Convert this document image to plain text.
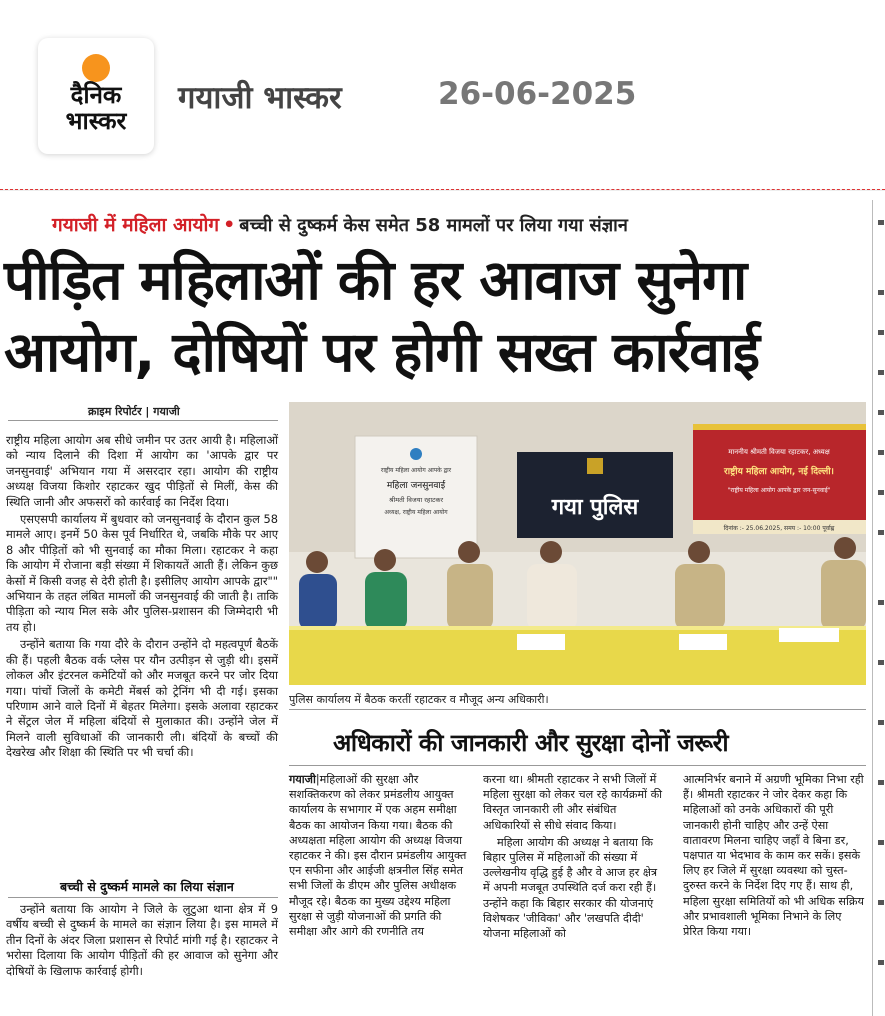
दैनिक
भास्कर
गयाजी भास्कर	26-06-2025
गयाजी में महिला आयोग • बच्ची से दुष्कर्म केस समेत 58 मामलों पर लिया गया संज्ञान
पीड़ित महिलाओं की हर आवाज सुनेगा
आयोग, दोषियों पर होगी सख्त कार्रवाई
क्राइम रिपोर्टर | गयाजी

राष्ट्रीय महिला आयोग अब सीधे जमीन पर उतर आयी है। महिलाओं को न्याय दिलाने की दिशा में आयोग का 'आपके द्वार पर जनसुनवाई' अभियान गया में असरदार रहा। आयोग की राष्ट्रीय अध्यक्ष विजया किशोर रहाटकर खुद पीड़ितों से मिलीं, केस की स्थिति जानी और अफसरों को कार्रवाई का निर्देश दिया।

एसएसपी कार्यालय में बुधवार को जनसुनवाई के दौरान कुल 58 मामले आए। इनमें 50 केस पूर्व निर्धारित थे, जबकि मौके पर आए 8 और पीड़ितों को भी सुनवाई का मौका मिला। रहाटकर ने कहा कि आयोग में रोजाना बड़ी संख्या में शिकायतें आती हैं। लेकिन कुछ केसों में किसी वजह से देरी होती है। इसीलिए आयोग आपके द्वार"" अभियान के तहत लंबित मामलों की जनसुनवाई की जाती है। ताकि पीड़िता को न्याय मिल सके और पुलिस-प्रशासन की जिम्मेदारी भी तय हो।

उन्होंने बताया कि गया दौरे के दौरान उन्होंने दो महत्वपूर्ण बैठकें की हैं। पहली बैठक वर्क प्लेस पर यौन उत्पीड़न से जुड़ी थी। इसमें लोकल और इंटरनल कमेटियों को और मजबूत करने पर जोर दिया गया। पांचों जिलों के कमेटी मेंबर्स को ट्रेनिंग भी दी गई। इसका परिणाम आने वाले दिनों में बेहतर मिलेगा। इसके अलावा रहाटकर ने सेंट्रल जेल में महिला बंदियों से मुलाकात की। उन्होंने जेल में मिलने वाली सुविधाओं की जानकारी ली। बंदियों के बच्चों की देखरेख और शिक्षा की स्थिति पर भी चर्चा की।

बच्ची से दुष्कर्म मामले का लिया संज्ञान

उन्होंने बताया कि आयोग ने जिले के लुटुआ थाना क्षेत्र में 9 वर्षीय बच्ची से दुष्कर्म के मामले का संज्ञान लिया है। इस मामले में तीन दिनों के अंदर जिला प्रशासन से रिपोर्ट मांगी गई है। रहाटकर ने भरोसा दिलाया कि आयोग पीड़ितों की हर आवाज को सुनेगा और दोषियों के खिलाफ कार्रवाई होगी।

राष्ट्रीय महिला आयोग आपके द्वार
महिला जनसुनवाई
श्रीमती विजया रहाटकर
अध्यक्ष, राष्ट्रीय महिला आयोग	गया पुलिस
माननीय श्रीमती विजया रहाटकर, अध्यक्ष
राष्ट्रीय महिला आयोग, नई दिल्ली।
"राष्ट्रीय महिला आयोग आपके द्वार जन-सुनवाई"
दिनांक :- 25.06.2025, समय :- 10:00 पूर्वाह्न
पुलिस कार्यालय में बैठक करतीं रहाटकर व मौजूद अन्य अधिकारी।
अधिकारों की जानकारी और सुरक्षा दोनों जरूरी

गयाजी|महिलाओं की सुरक्षा और सशक्तिकरण को लेकर प्रमंडलीय आयुक्त कार्यालय के सभागार में एक अहम समीक्षा बैठक का आयोजन किया गया। बैठक की अध्यक्षता महिला आयोग की अध्यक्ष विजया रहाटकर ने की। इस दौरान प्रमंडलीय आयुक्त एन सफीना और आईजी क्षत्रनील सिंह समेत सभी जिलों के डीएम और पुलिस अधीक्षक मौजूद रहे। बैठक का मुख्य उद्देश्य महिला सुरक्षा से जुड़ी योजनाओं की प्रगति की समीक्षा और आगे की रणनीति तय

करना था। श्रीमती रहाटकर ने सभी जिलों में महिला सुरक्षा को लेकर चल रहे कार्यक्रमों की विस्तृत जानकारी ली और संबंधित अधिकारियों से सीधे संवाद किया।

महिला आयोग की अध्यक्ष ने बताया कि बिहार पुलिस में महिलाओं की संख्या में उल्लेखनीय वृद्धि हुई है और वे आज हर क्षेत्र में अपनी मजबूत उपस्थिति दर्ज करा रही हैं। उन्होंने कहा कि बिहार सरकार की योजनाएं विशेषकर 'जीविका' और 'लखपति दीदी' योजना महिलाओं को

आत्मनिर्भर बनाने में अग्रणी भूमिका निभा रही हैं। श्रीमती रहाटकर ने जोर देकर कहा कि महिलाओं को उनके अधिकारों की पूरी जानकारी होनी चाहिए और उन्हें ऐसा वातावरण मिलना चाहिए जहाँ वे बिना डर, पक्षपात या भेदभाव के काम कर सकें। इसके लिए हर जिले में सुरक्षा व्यवस्था को चुस्त-दुरुस्त करने के निर्देश दिए गए हैं। साथ ही, महिला सुरक्षा समितियों को भी अधिक सक्रिय और प्रभावशाली भूमिका निभाने के लिए प्रेरित किया गया।
